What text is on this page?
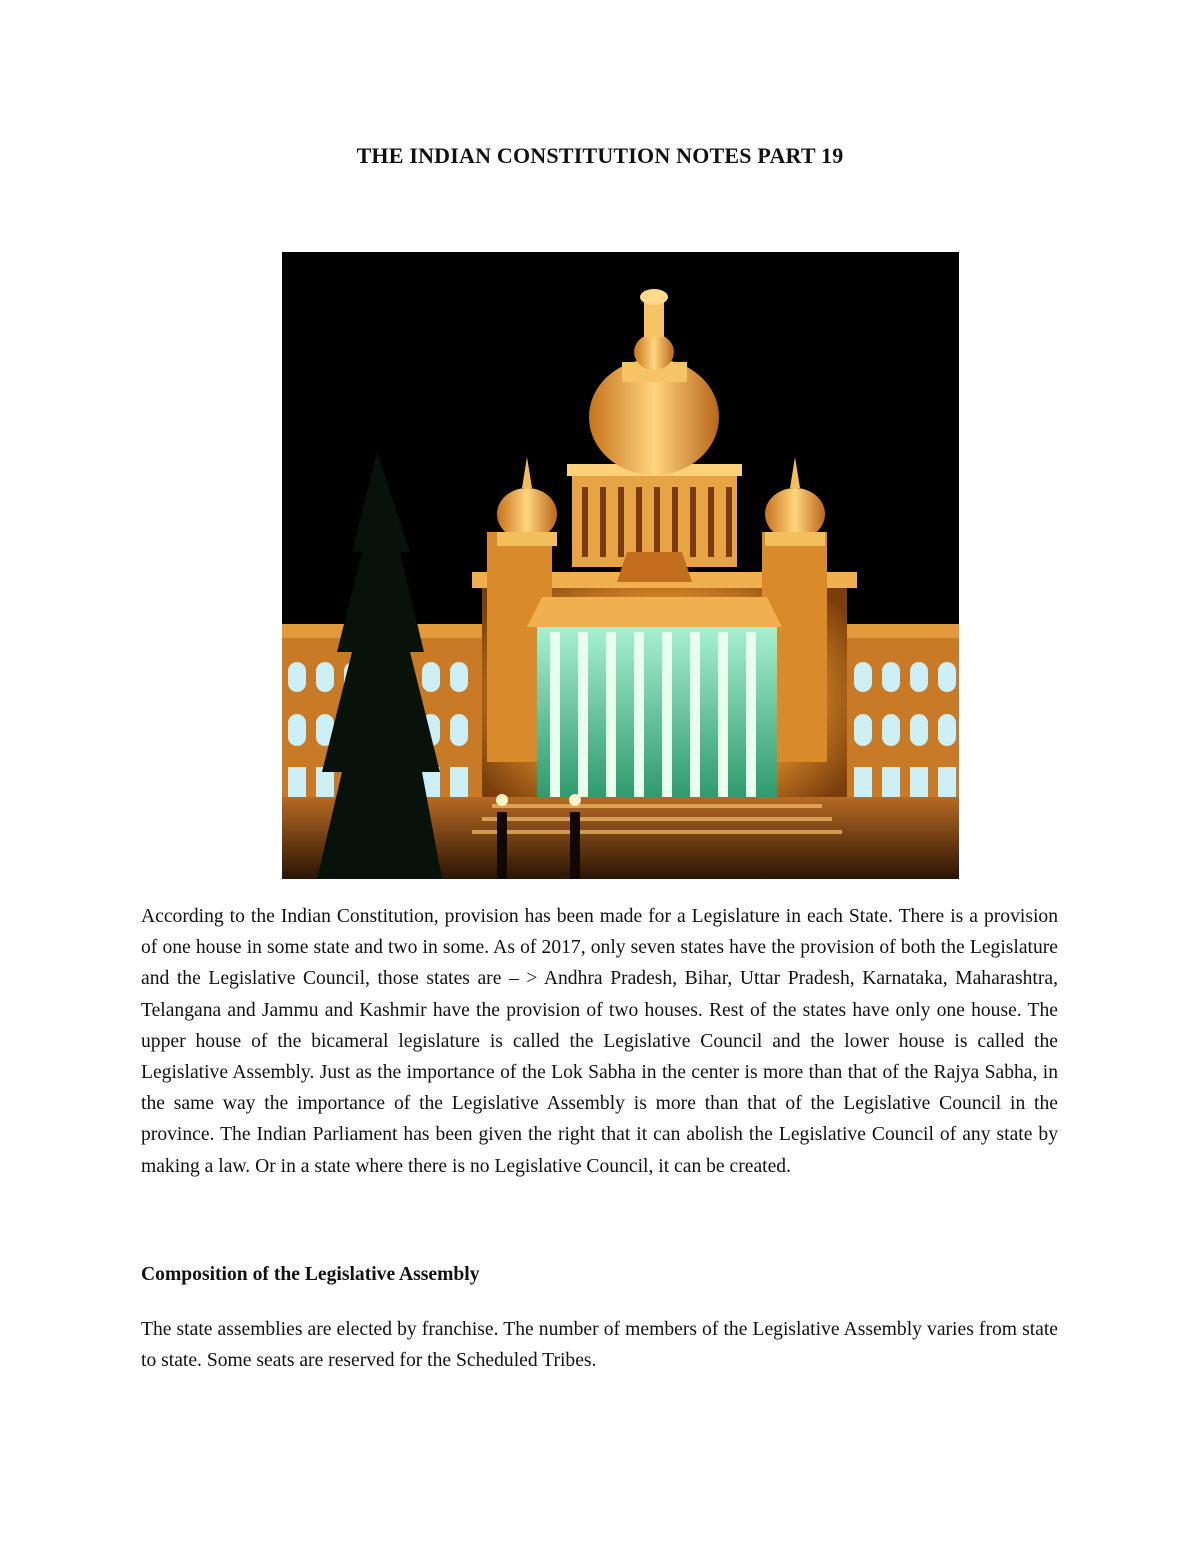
THE INDIAN CONSTITUTION NOTES PART 19

According to the Indian Constitution, provision has been made for a Legislature in each State. There is a provision of one house in some state and two in some. As of 2017, only seven states have the provision of both the Legislature and the Legislative Council, those states are – > Andhra Pradesh, Bihar, Uttar Pradesh, Karnataka, Maharashtra, Telangana and Jammu and Kashmir have the provision of two houses. Rest of the states have only one house. The upper house of the bicameral legislature is called the Legislative Council and the lower house is called the Legislative Assembly. Just as the importance of the Lok Sabha in the center is more than that of the Rajya Sabha, in the same way the importance of the Legislative Assembly is more than that of the Legislative Council in the province. The Indian Parliament has been given the right that it can abolish the Legislative Council of any state by making a law. Or in a state where there is no Legislative Council, it can be created.

Composition of the Legislative Assembly

The state assemblies are elected by franchise. The number of members of the Legislative Assembly varies from state to state. Some seats are reserved for the Scheduled Tribes.
